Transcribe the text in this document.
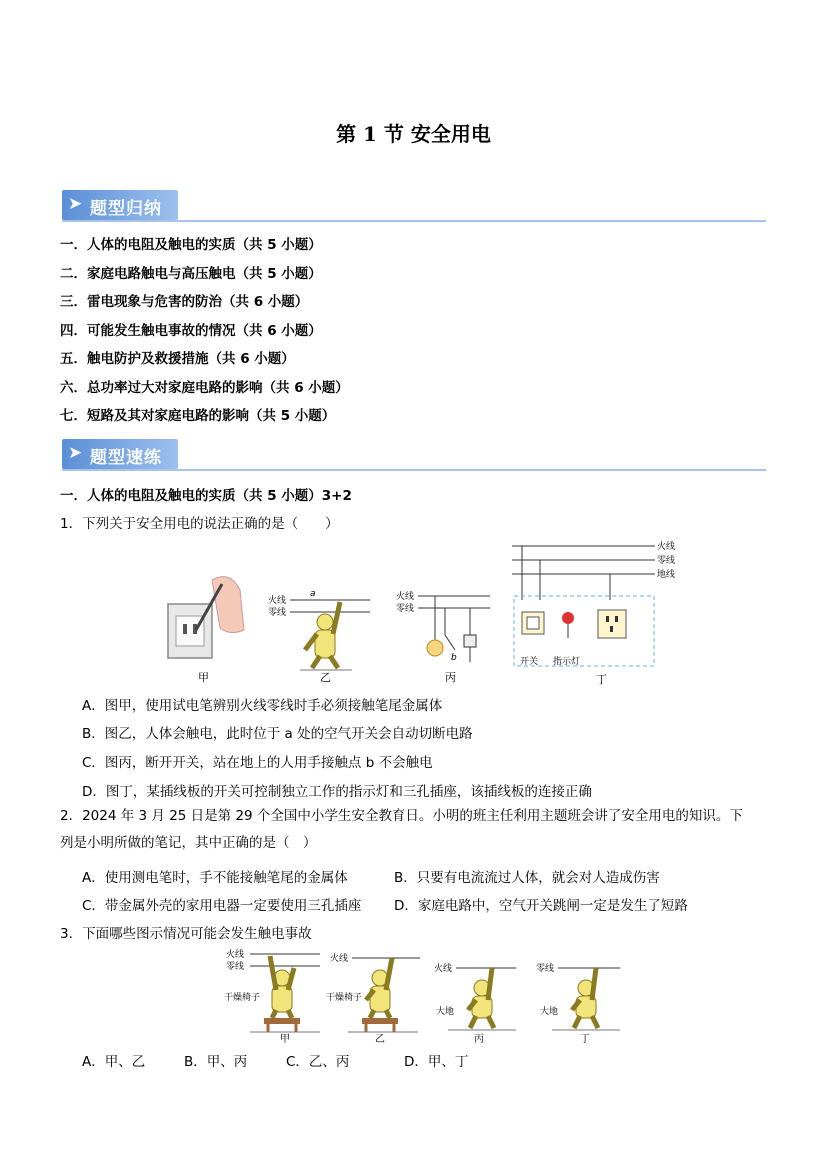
第 1 节 安全用电
➤ 题型归纳
一．人体的电阻及触电的实质（共 5 小题）
二．家庭电路触电与高压触电（共 5 小题）
三．雷电现象与危害的防治（共 6 小题）
四．可能发生触电事故的情况（共 6 小题）
五．触电防护及救援措施（共 6 小题）
六．总功率过大对家庭电路的影响（共 6 小题）
七．短路及其对家庭电路的影响（共 5 小题）
➤ 题型速练
一．人体的电阻及触电的实质（共 5 小题）3+2
1．下列关于安全用电的说法正确的是（　　）
甲
火线
零线
a
乙
火线
零线
b
丙
火线
零线
地线
开关 指示灯
丁
A．图甲，使用试电笔辨别火线零线时手必须接触笔尾金属体
B．图乙，人体会触电，此时位于 a 处的空气开关会自动切断电路
C．图丙，断开开关，站在地上的人用手接触点 b 不会触电
D．图丁，某插线板的开关可控制独立工作的指示灯和三孔插座，该插线板的连接正确
2．2024 年 3 月 25 日是第 29 个全国中小学生安全教育日。小明的班主任利用主题班会讲了安全用电的知识。下
列是小明所做的笔记，其中正确的是（　）
A．使用测电笔时，手不能接触笔尾的金属体	B．只要有电流流过人体，就会对人造成伤害
C．带金属外壳的家用电器一定要使用三孔插座 D．家庭电路中，空气开关跳闸一定是发生了短路
3．下面哪些图示情况可能会发生触电事故
火线
零线
干燥椅子
甲
火线
干燥椅子
乙
火线
大地
丙
零线
大地
丁
A．甲、乙	B．甲、丙	C．乙、丙	D．甲、丁
